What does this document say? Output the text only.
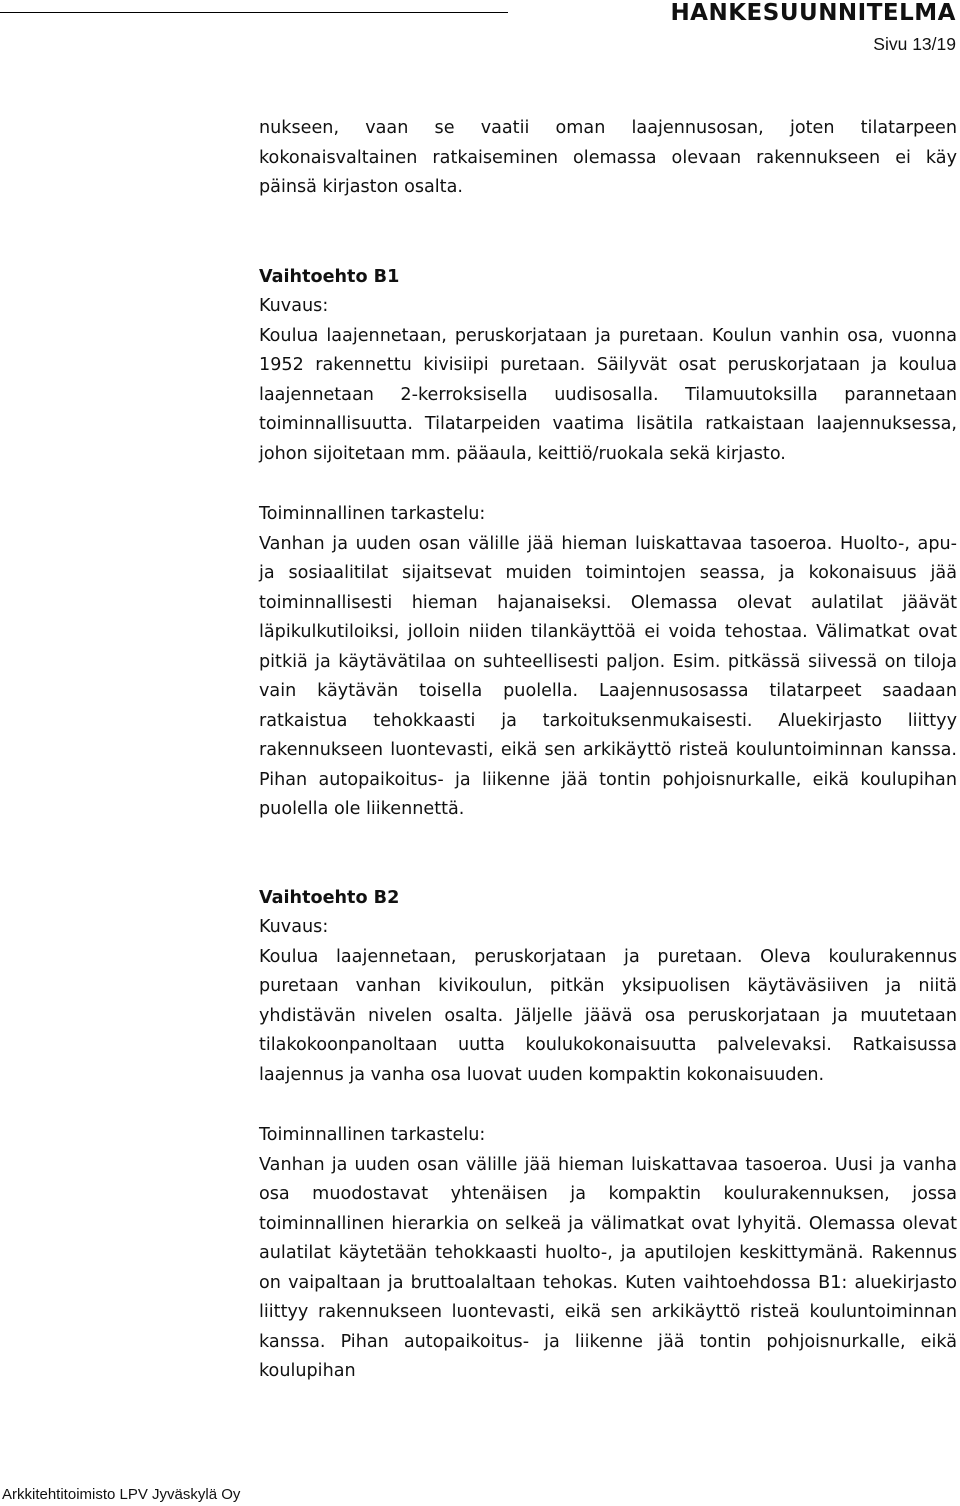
HANKESUUNNITELMA
Sivu 13/19

nukseen, vaan se vaatii oman laajennusosan, joten tilatarpeen kokonaisvaltainen ratkaiseminen olemassa olevaan rakennukseen ei käy päinsä kirjaston osalta.

Vaihtoehto B1
Kuvaus:

Koulua laajennetaan, peruskorjataan ja puretaan. Koulun vanhin osa, vuonna 1952 rakennettu kivisiipi puretaan. Säilyvät osat peruskorjataan ja koulua laajennetaan 2-kerroksisella uudisosalla. Tilamuutoksilla parannetaan toiminnallisuutta. Tilatarpeiden vaatima lisätila ratkaistaan laajennuksessa, johon sijoitetaan mm. pääaula, keittiö/ruokala sekä kirjasto.

Toiminnallinen tarkastelu:

Vanhan ja uuden osan välille jää hieman luiskattavaa tasoeroa. Huolto-, apu- ja sosiaalitilat sijaitsevat muiden toimintojen seassa, ja kokonaisuus jää toiminnallisesti hieman hajanaiseksi. Olemassa olevat aulatilat jäävät läpikulkutiloiksi, jolloin niiden tilankäyttöä ei voida tehostaa. Välimatkat ovat pitkiä ja käytävätilaa on suhteellisesti paljon. Esim. pitkässä siivessä on tiloja vain käytävän toisella puolella. Laajennusosassa tilatarpeet saadaan ratkaistua tehokkaasti ja tarkoituksenmukaisesti. Aluekirjasto liittyy rakennukseen luontevasti, eikä sen arkikäyttö risteä kouluntoiminnan kanssa. Pihan autopaikoitus- ja liikenne jää tontin pohjoisnurkalle, eikä koulupihan puolella ole liikennettä.

Vaihtoehto B2
Kuvaus:

Koulua laajennetaan, peruskorjataan ja puretaan. Oleva koulurakennus puretaan vanhan kivikoulun, pitkän yksipuolisen käytäväsiiven ja niitä yhdistävän nivelen osalta. Jäljelle jäävä osa peruskorjataan ja muutetaan tilakokoonpanoltaan uutta koulukokonaisuutta palvelevaksi. Ratkaisussa laajennus ja vanha osa luovat uuden kompaktin kokonaisuuden.

Toiminnallinen tarkastelu:

Vanhan ja uuden osan välille jää hieman luiskattavaa tasoeroa. Uusi ja vanha osa muodostavat yhtenäisen ja kompaktin koulurakennuksen, jossa toiminnallinen hierarkia on selkeä ja välimatkat ovat lyhyitä. Olemassa olevat aulatilat käytetään tehokkaasti huolto-, ja aputilojen keskittymänä. Rakennus on vaipaltaan ja bruttoalaltaan tehokas. Kuten vaihtoehdossa B1: aluekirjasto liittyy rakennukseen luontevasti, eikä sen arkikäyttö risteä kouluntoiminnan kanssa. Pihan autopaikoitus- ja liikenne jää tontin pohjoisnurkalle, eikä koulupihan

Arkkitehtitoimisto LPV Jyväskylä Oy
